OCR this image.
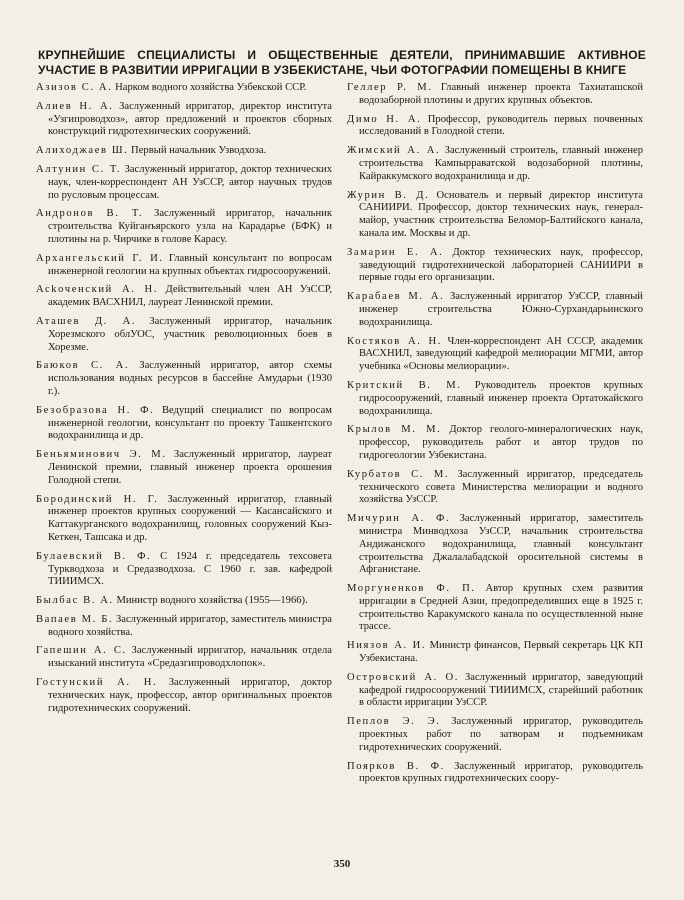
КРУПНЕЙШИЕ СПЕЦИАЛИСТЫ И ОБЩЕСТВЕННЫЕ ДЕЯТЕЛИ, ПРИНИМАВШИЕ АКТИВНОЕ УЧАСТИЕ В РАЗВИТИИ ИРРИГАЦИИ В УЗБЕКИСТАНЕ, ЧЬИ ФОТОГРАФИИ ПОМЕЩЕНЫ В КНИГЕ
Азизов С. А. Нарком водного хозяйства Узбекской ССР.
Алиев Н. А. Заслуженный ирригатор, директор института «Узгипроводхоз», автор предложений и проектов сборных конструкций гидротехнических сооружений.
Алиходжаев Ш. Первый начальник Узводхоза.
Алтунин С. Т. Заслуженный ирригатор, доктор технических наук, член-корреспондент АН УзССР, автор научных трудов по русловым процессам.
Андронов В. Т. Заслуженный ирригатор, начальник строительства Куйганъярского узла на Карадарье (БФК) и плотины на р. Чирчике в голове Карасу.
Архангельский Г. И. Главный консультант по вопросам инженерной геологии на крупных объектах гидросооружений.
Асkоченский А. Н. Действительный член АН УзССР, академик ВАСХНИЛ, лауреат Ленинской премии.
Аташев Д. А. Заслуженный ирригатор, начальник Хорезмского облУОС, участник революционных боев в Хорезме.
Баюков С. А. Заслуженный ирригатор, автор схемы использования водных ресурсов в бассейне Амударьи (1930 г.).
Безобразова Н. Ф. Ведущий специалист по вопросам инженерной геологии, консультант по проекту Ташкентского водохранилища и др.
Беньяминович Э. М. Заслуженный ирригатор, лауреат Ленинской премии, главный инженер проекта орошения Голодной степи.
Бородинский Н. Г. Заслуженный ирригатор, главный инженер проектов крупных сооружений — Касансайского и Каттакурганского водохранилищ, головных сооружений Кыз-Кеткен, Ташсака и др.
Булаевский В. Ф. С 1924 г. председатель техсовета Туркводхоза и Средазводхоза. С 1960 г. зав. кафедрой ТИИИМСХ.
Былбас В. А. Министр водного хозяйства (1955—1966).
Вапаев М. Б. Заслуженный ирригатор, заместитель министра водного хозяйства.
Гапешин А. С. Заслуженный ирригатор, начальник отдела изысканий института «Средазгипроводхлопок».
Гостунский А. Н. Заслуженный ирригатор, доктор технических наук, профессор, автор оригинальных проектов гидротехнических сооружений.
Геллер Р. М. Главный инженер проекта Тахиаташской водозаборной плотины и других крупных объектов.
Димо Н. А. Профессор, руководитель первых почвенных исследований в Голодной степи.
Жимский А. А. Заслуженный строитель, главный инженер строительства Кампырраватской водозаборной плотины, Кайраккумского водохранилища и др.
Журин В. Д. Основатель и первый директор института САНИИРИ. Профессор, доктор технических наук, генерал-майор, участник строительства Беломор-Балтийского канала, канала им. Москвы и др.
Замарин Е. А. Доктор технических наук, профессор, заведующий гидротехнической лабораторией САНИИРИ в первые годы его организации.
Карабаев М. А. Заслуженный ирригатор УзССР, главный инженер строительства Южно-Сурхандарьинского водохранилища.
Костяков А. Н. Член-корреспондент АН СССР, академик ВАСХНИЛ, заведующий кафедрой мелиорации МГМИ, автор учебника «Основы мелиорации».
Критский В. М. Руководитель проектов крупных гидросооружений, главный инженер проекта Ортатокайского водохранилища.
Крылов М. М. Доктор геолого-минералогических наук, профессор, руководитель работ и автор трудов по гидрогеологии Узбекистана.
Курбатов С. М. Заслуженный ирригатор, председатель технического совета Министерства мелиорации и водного хозяйства УзССР.
Мичурин А. Ф. Заслуженный ирригатор, заместитель министра Минводхоза УзССР, начальник строительства Андижанского водохранилища, главный консультант строительства Джалалабадской оросительной системы в Афганистане.
Моргуненков Ф. П. Автор крупных схем развития ирригации в Средней Азии, предопределивших еще в 1925 г. строительство Каракумского канала по осуществленной ныне трассе.
Ниязов А. И. Министр финансов, Первый секретарь ЦК КП Узбекистана.
Островский А. О. Заслуженный ирригатор, заведующий кафедрой гидросооружений ТИИИМСХ, старейший работник в области ирригации УзССР.
Пеплов Э. Э. Заслуженный ирригатор, руководитель проектных работ по затворам и подъемникам гидротехнических сооружений.
Поярков В. Ф. Заслуженный ирригатор, руководитель проектов крупных гидротехнических соору-
350
